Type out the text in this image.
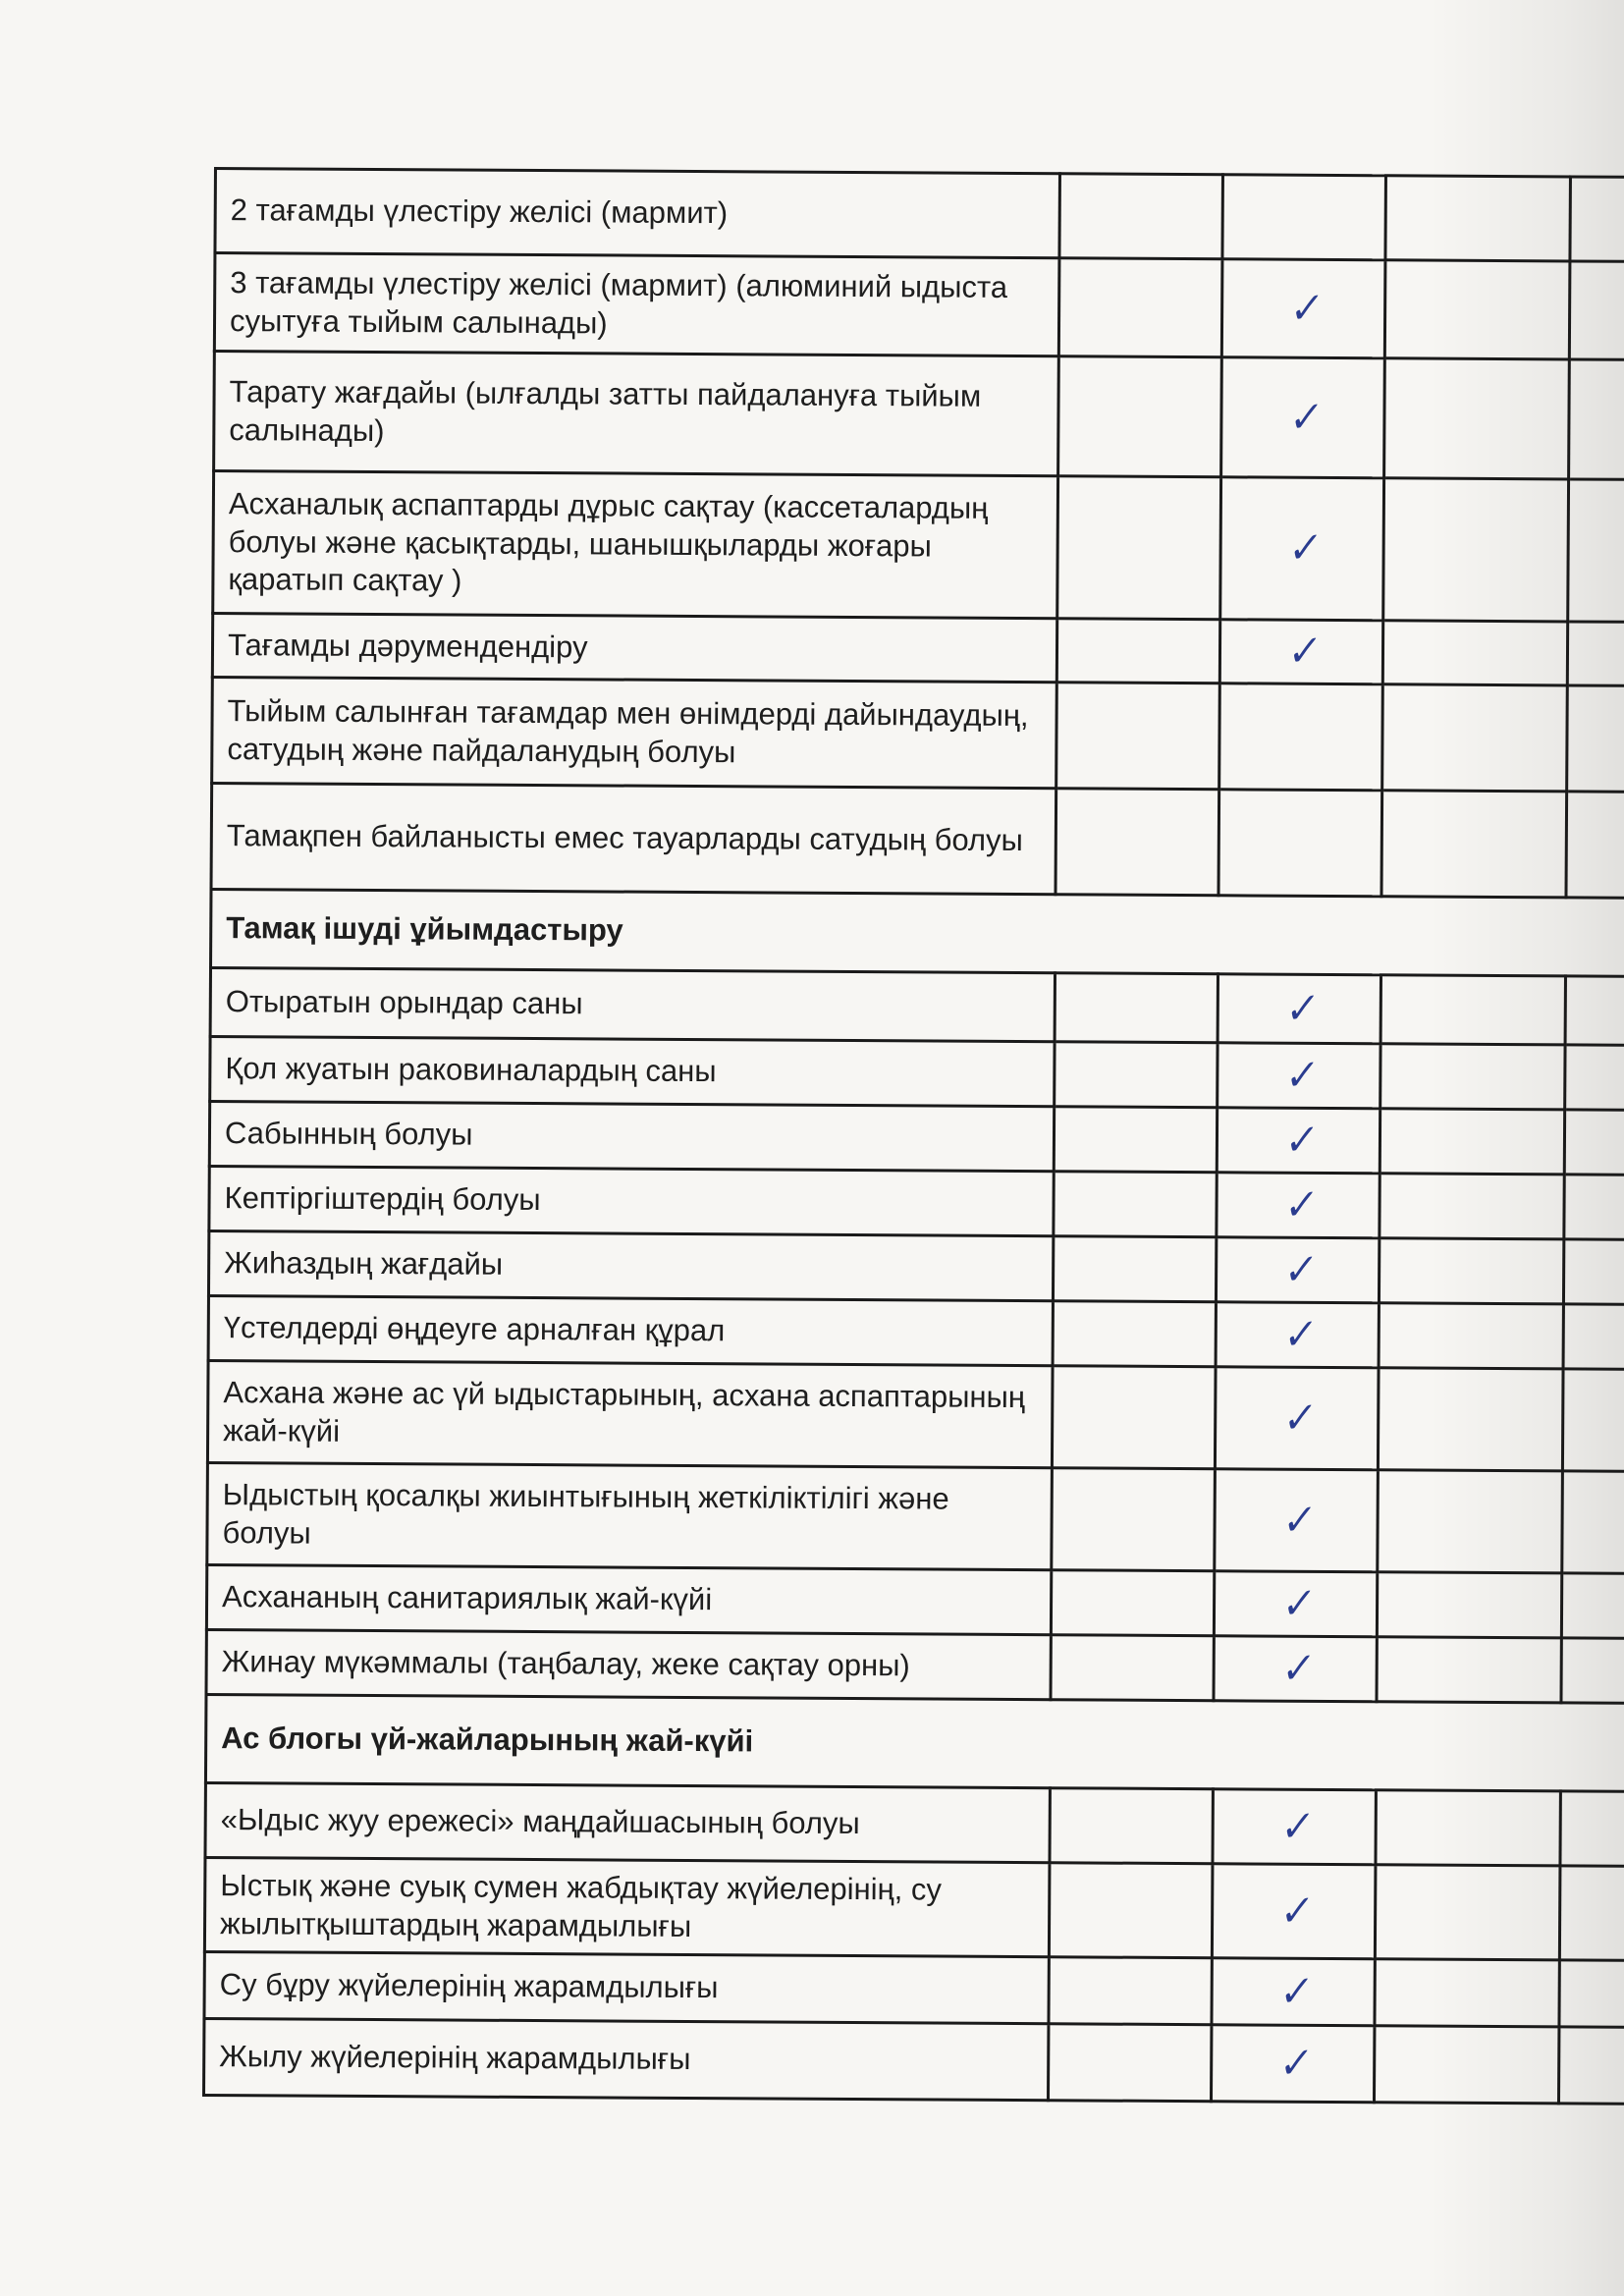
2 тағамды үлестіру желісі (мармит)				
3 тағамды үлестіру желісі (мармит) (алюминий ыдыста суытуға тыйым салынады)		✓		
Тарату жағдайы (ылғалды затты пайдалануға тыйым салынады)		✓		
Асханалық аспаптарды дұрыс сақтау (кассеталардың болуы және қасықтарды, шанышқыларды жоғары қаратып сақтау )		✓		
Тағамды дәрумендендіру		✓		
Тыйым салынған тағамдар мен өнімдерді дайындаудың, сатудың және пайдаланудың болуы				
Тамақпен байланысты емес тауарларды сатудың болуы				
Тамақ ішуді ұйымдастыру				
Отыратын орындар саны		✓		
Қол жуатын раковиналардың саны		✓		
Сабынның болуы		✓		
Кептіргіштердің болуы		✓		
Жиһаздың жағдайы		✓		
Үстелдерді өңдеуге арналған құрал		✓		
Асхана және ас үй ыдыстарының, асхана аспаптарының жай-күйі		✓		
Ыдыстың қосалқы жиынтығының жеткіліктілігі және болуы		✓		
Асхананың санитариялық жай-күйі		✓		
Жинау мүкәммалы (таңбалау, жеке сақтау орны)		✓		
Ас блогы үй-жайларының жай-күйі				
«Ыдыс жуу ережесі» маңдайшасының болуы		✓		
Ыстық және суық сумен жабдықтау жүйелерінің, су жылытқыштардың жарамдылығы		✓		
Су бұру жүйелерінің жарамдылығы		✓		
Жылу жүйелерінің жарамдылығы		✓		
